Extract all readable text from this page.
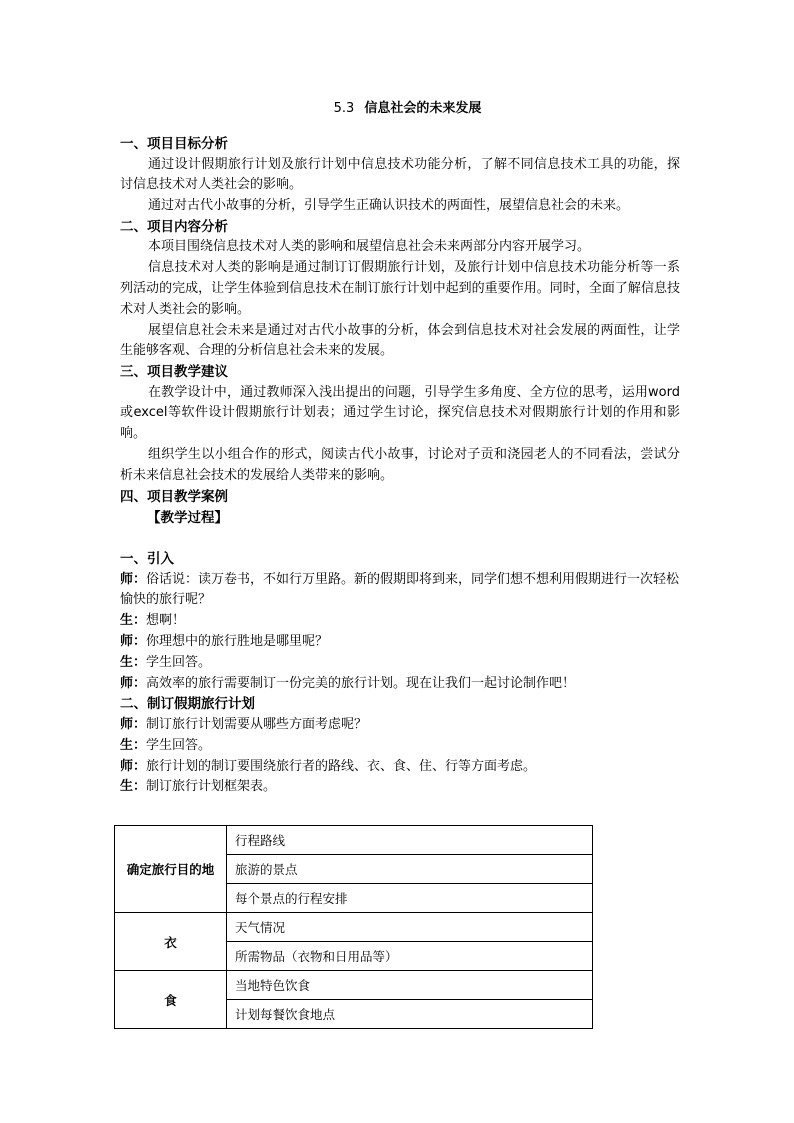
5.3 信息社会的未来发展
一、项目目标分析
通过设计假期旅行计划及旅行计划中信息技术功能分析，了解不同信息技术工具的功能，探讨信息技术对人类社会的影响。
通过对古代小故事的分析，引导学生正确认识技术的两面性，展望信息社会的未来。
二、项目内容分析
本项目围绕信息技术对人类的影响和展望信息社会未来两部分内容开展学习。
信息技术对人类的影响是通过制订订假期旅行计划，及旅行计划中信息技术功能分析等一系列活动的完成，让学生体验到信息技术在制订旅行计划中起到的重要作用。同时，全面了解信息技术对人类社会的影响。
展望信息社会未来是通过对古代小故事的分析，体会到信息技术对社会发展的两面性，让学生能够客观、合理的分析信息社会未来的发展。
三、项目教学建议
在教学设计中，通过教师深入浅出提出的问题，引导学生多角度、全方位的思考，运用word或excel等软件设计假期旅行计划表；通过学生讨论，探究信息技术对假期旅行计划的作用和影响。
组织学生以小组合作的形式，阅读古代小故事，讨论对子贡和浇园老人的不同看法，尝试分析未来信息社会技术的发展给人类带来的影响。
四、项目教学案例
【教学过程】
一、引入
师：俗话说：读万卷书，不如行万里路。新的假期即将到来，同学们想不想利用假期进行一次轻松愉快的旅行呢？
生：想啊！
师：你理想中的旅行胜地是哪里呢？
生：学生回答。
师：高效率的旅行需要制订一份完美的旅行计划。现在让我们一起讨论制作吧！
二、制订假期旅行计划
师：制订旅行计划需要从哪些方面考虑呢？
生：学生回答。
师：旅行计划的制订要围绕旅行者的路线、衣、食、住、行等方面考虑。
生：制订旅行计划框架表。
确定旅行目的地	行程路线
	旅游的景点
	每个景点的行程安排
衣	天气情况
	所需物品（衣物和日用品等）
食	当地特色饮食
	计划每餐饮食地点
